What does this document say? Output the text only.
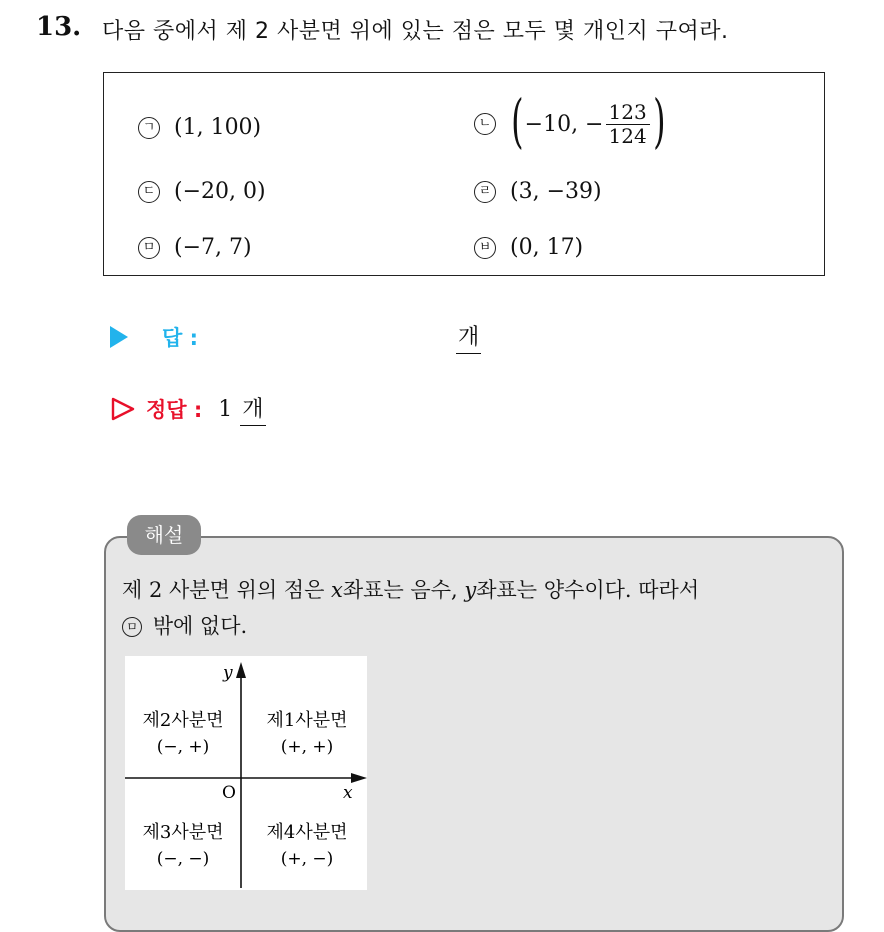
13. 다음 중에서 제 2 사분면 위에 있는 점은 모두 몇 개인지 구여라.
ㄱ (1, 100)	ㄴ ( −10, − $\frac{123}{124}$ )
ㄷ (−20, 0)	ㄹ (3, −39)
ㅁ (−7, 7)	ㅂ (0, 17)
답 :	개
정답 : 1 개
해설
제 2 사분면 위의 점은 x좌표는 음수, y좌표는 양수이다. 따라서
ㅁ 밖에 없다.
y
x
O
제2사분면
(−, +)
제1사분면
(+, +)
제3사분면
(−, −)
제4사분면
(+, −)
